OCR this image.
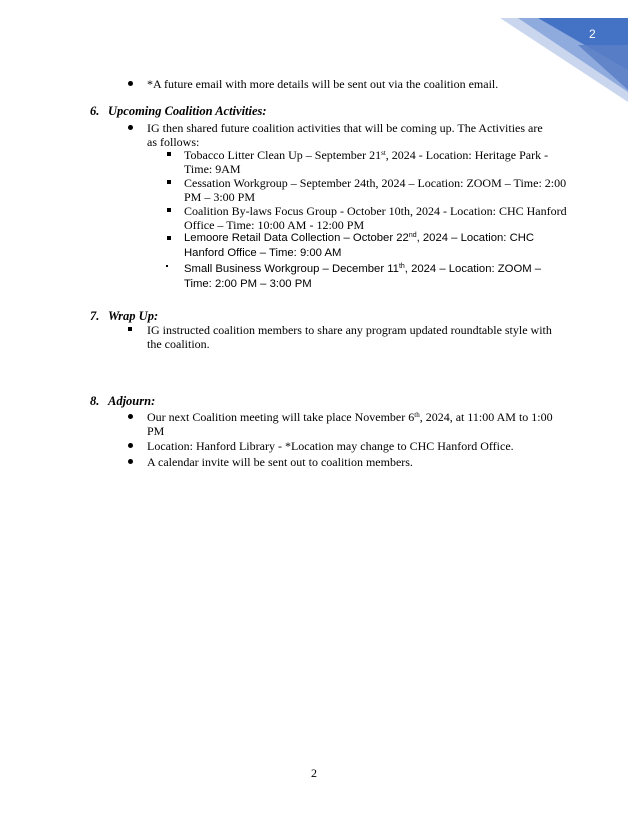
2
*A future email with more details will be sent out via the coalition email.
6. Upcoming Coalition Activities:
IG then shared future coalition activities that will be coming up. The Activities are as follows:
Tobacco Litter Clean Up – September 21st, 2024 - Location: Heritage Park - Time: 9AM
Cessation Workgroup – September 24th, 2024 – Location: ZOOM – Time: 2:00 PM – 3:00 PM
Coalition By-laws Focus Group - October 10th, 2024 - Location: CHC Hanford Office – Time: 10:00 AM - 12:00 PM
Lemoore Retail Data Collection – October 22nd, 2024 – Location: CHC Hanford Office – Time: 9:00 AM
Small Business Workgroup – December 11th, 2024 – Location: ZOOM – Time: 2:00 PM – 3:00 PM
7. Wrap Up:
IG instructed coalition members to share any program updated roundtable style with the coalition.
8. Adjourn:
Our next Coalition meeting will take place November 6th, 2024, at 11:00 AM to 1:00 PM
Location: Hanford Library - *Location may change to CHC Hanford Office.
A calendar invite will be sent out to coalition members.
2
